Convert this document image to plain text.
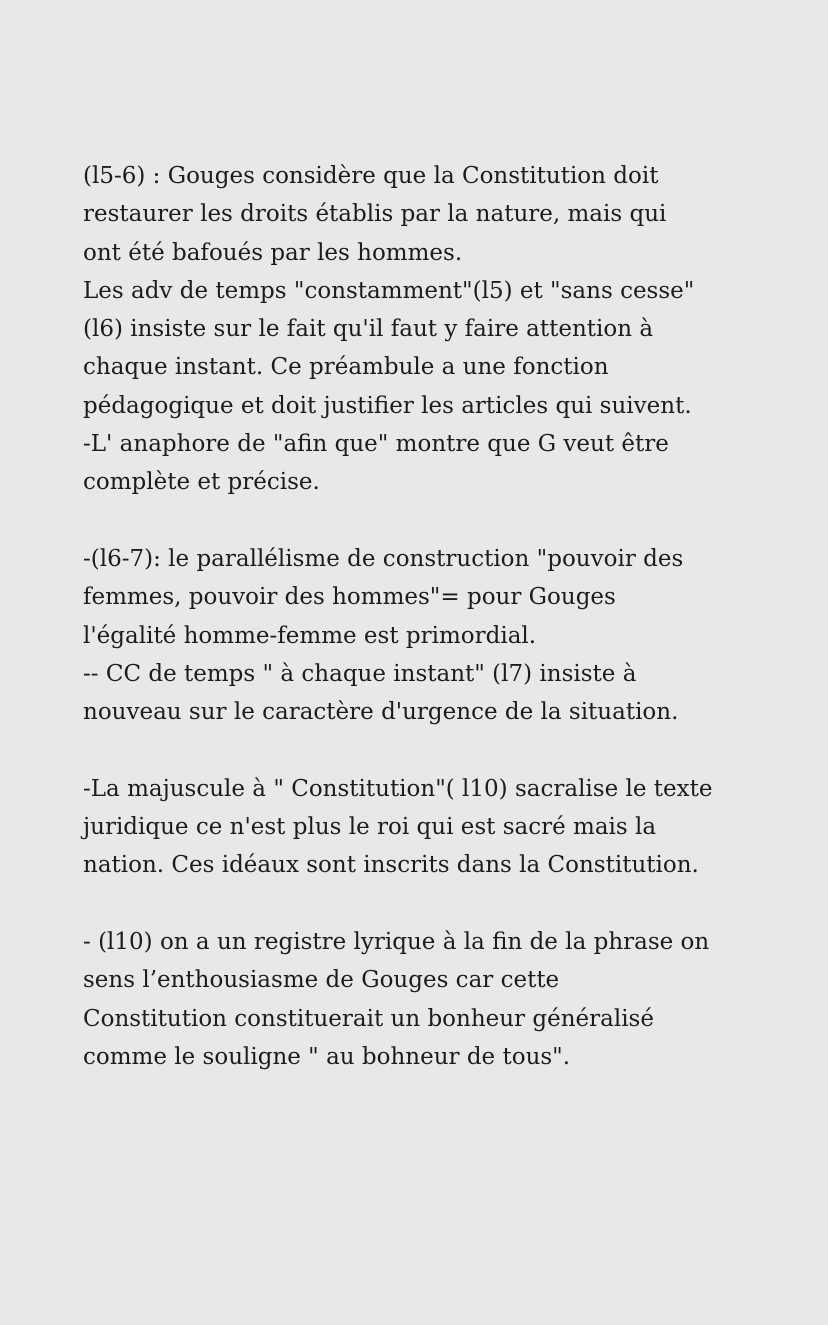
(l5-6) : Gouges considère que la Constitution doit
restaurer les droits établis par la nature, mais qui
ont été bafoués par les hommes.
Les adv de temps "constamment"(l5) et "sans cesse"
(l6) insiste sur le fait qu'il faut y faire attention à
chaque instant. Ce préambule a une fonction
pédagogique et doit justifier les articles qui suivent.
-L' anaphore de "afin que" montre que G veut être
complète et précise.
-(l6-7): le parallélisme de construction "pouvoir des
femmes, pouvoir des hommes"= pour Gouges
l'égalité homme-femme est primordial.
-- CC de temps " à chaque instant" (l7) insiste à
nouveau sur le caractère d'urgence de la situation.
-La majuscule à " Constitution"( l10) sacralise le texte
juridique ce n'est plus le roi qui est sacré mais la
nation. Ces idéaux sont inscrits dans la Constitution.
- (l10) on a un registre lyrique à la fin de la phrase on
sens l’enthousiasme de Gouges car cette
Constitution constituerait un bonheur généralisé
comme le souligne " au bohneur de tous".
